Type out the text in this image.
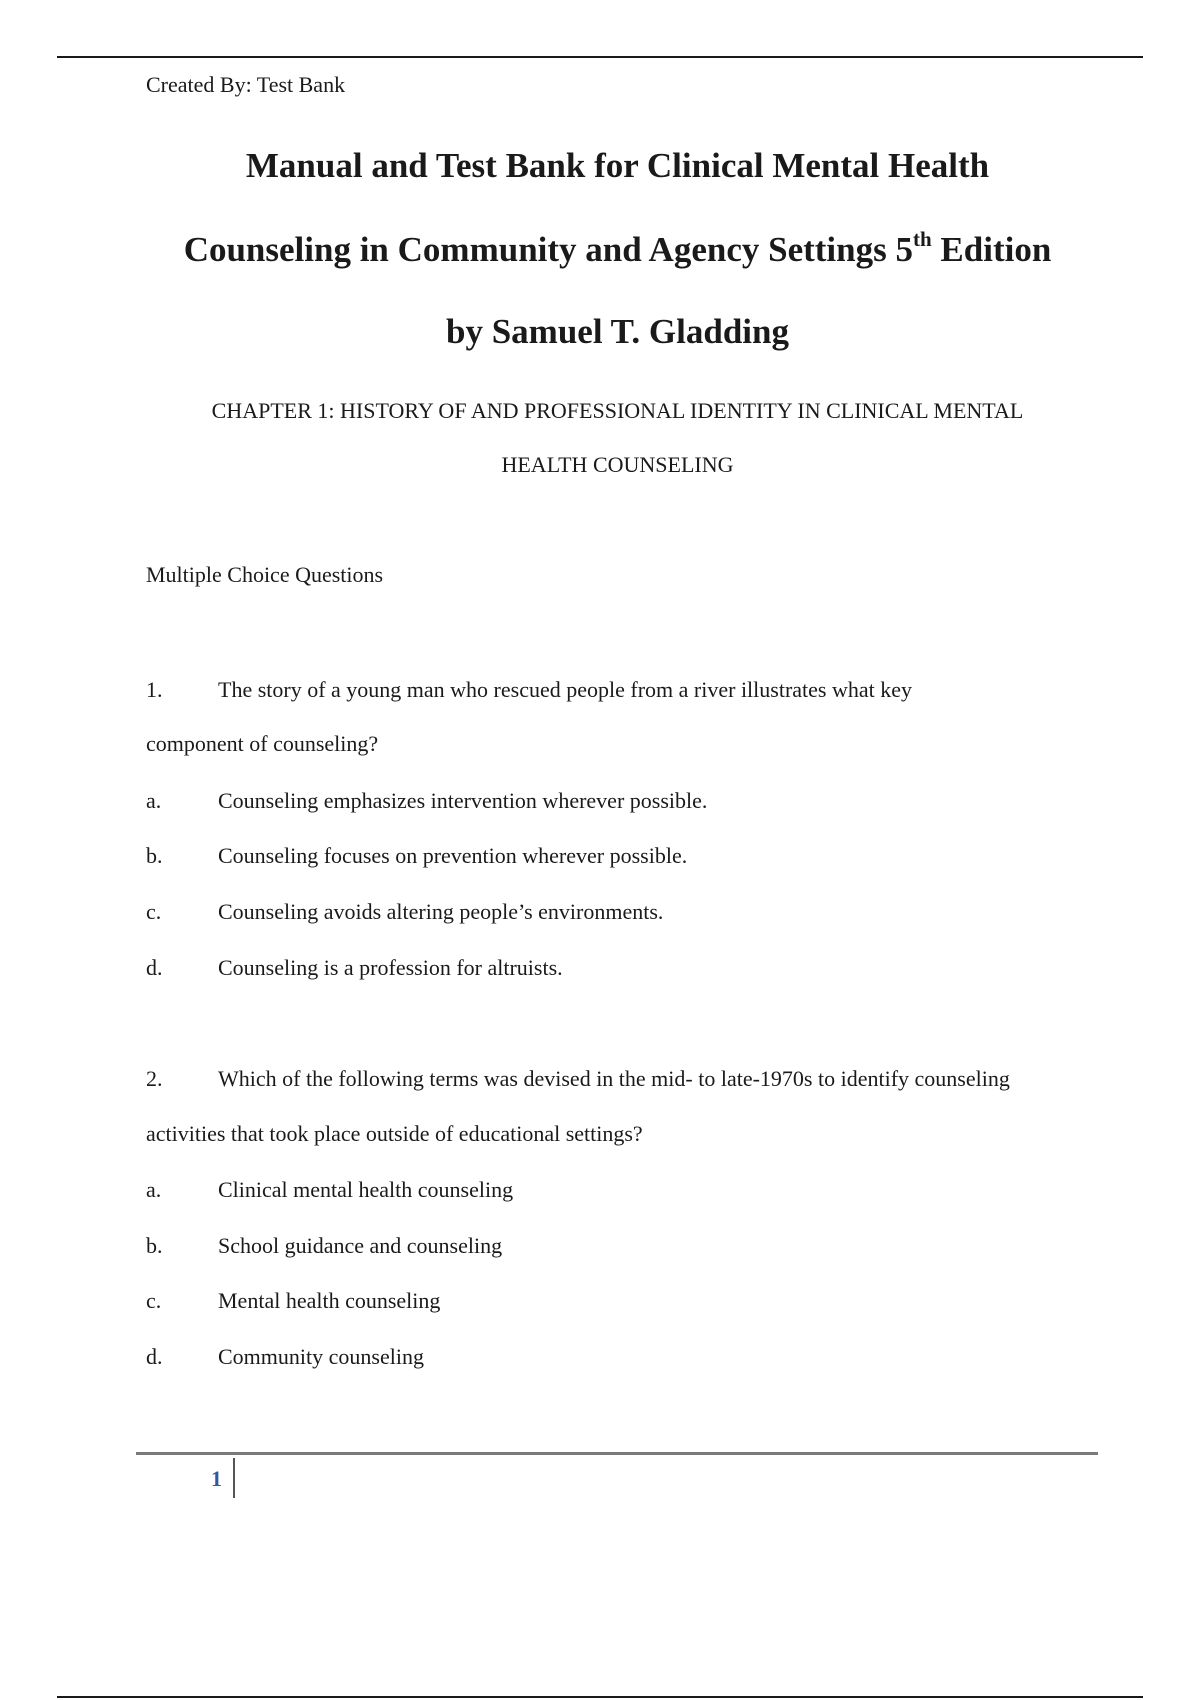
Created By: Test Bank
Manual and Test Bank for Clinical Mental Health
Counseling in Community and Agency Settings 5th Edition
by Samuel T. Gladding
CHAPTER 1: HISTORY OF AND PROFESSIONAL IDENTITY IN CLINICAL MENTAL
HEALTH COUNSELING
Multiple Choice Questions
1.	The story of a young man who rescued people from a river illustrates what key
component of counseling?
a.	Counseling emphasizes intervention wherever possible.
b.	Counseling focuses on prevention wherever possible.
c.	Counseling avoids altering people’s environments.
d.	Counseling is a profession for altruists.
2.	Which of the following terms was devised in the mid- to late-1970s to identify counseling
activities that took place outside of educational settings?
a.	Clinical mental health counseling
b.	School guidance and counseling
c.	Mental health counseling
d.	Community counseling
1
